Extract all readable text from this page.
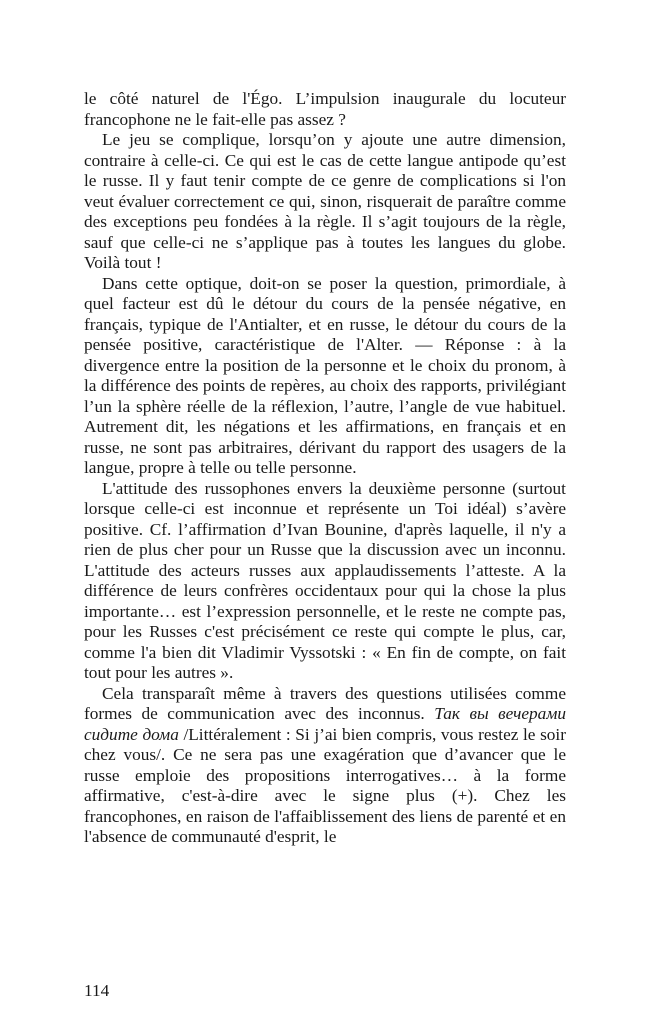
le côté naturel de l'Égo. L’impulsion inaugurale du locuteur francophone ne le fait-elle pas assez ?

Le jeu se complique, lorsqu’on y ajoute une autre dimension, contraire à celle-ci. Ce qui est le cas de cette langue antipode qu’est le russe. Il y faut tenir compte de ce genre de complications si l'on veut évaluer correctement ce qui, sinon, risquerait de paraître comme des exceptions peu fondées à la règle. Il s’agit toujours de la règle, sauf que celle-ci ne s’applique pas à toutes les langues du globe. Voilà tout !

Dans cette optique, doit-on se poser la question, primordiale, à quel facteur est dû le détour du cours de la pensée négative, en français, typique de l'Antialter, et en russe, le détour du cours de la pensée positive, caractéristique de l'Alter. — Réponse : à la divergence entre la position de la personne et le choix du pronom, à la différence des points de repères, au choix des rapports, privilégiant l’un la sphère réelle de la réflexion, l’autre, l’angle de vue habituel. Autrement dit, les négations et les affirmations, en français et en russe, ne sont pas arbitraires, dérivant du rapport des usagers de la langue, propre à telle ou telle personne.

L'attitude des russophones envers la deuxième personne (surtout lorsque celle-ci est inconnue et représente un Toi idéal) s’avère positive. Cf. l’affirmation d’Ivan Bounine, d'après laquelle, il n'y a rien de plus cher pour un Russe que la discussion avec un inconnu. L'attitude des acteurs russes aux applaudissements l’atteste. A la différence de leurs confrères occidentaux pour qui la chose la plus importante… est l’expression personnelle, et le reste ne compte pas, pour les Russes c'est précisément ce reste qui compte le plus, car, comme l'a bien dit Vladimir Vyssotski : « En fin de compte, on fait tout pour les autres ».

Cela transparaît même à travers des questions utilisées comme formes de communication avec des inconnus. Так вы вечерами сидите дома /Littéralement : Si j’ai bien compris, vous restez le soir chez vous/. Ce ne sera pas une exagération que d’avancer que le russe emploie des propositions interrogatives… à la forme affirmative, c'est-à-dire avec le signe plus (+). Chez les francophones, en raison de l'affaiblissement des liens de parenté et en l'absence de communauté d'esprit, le

114
